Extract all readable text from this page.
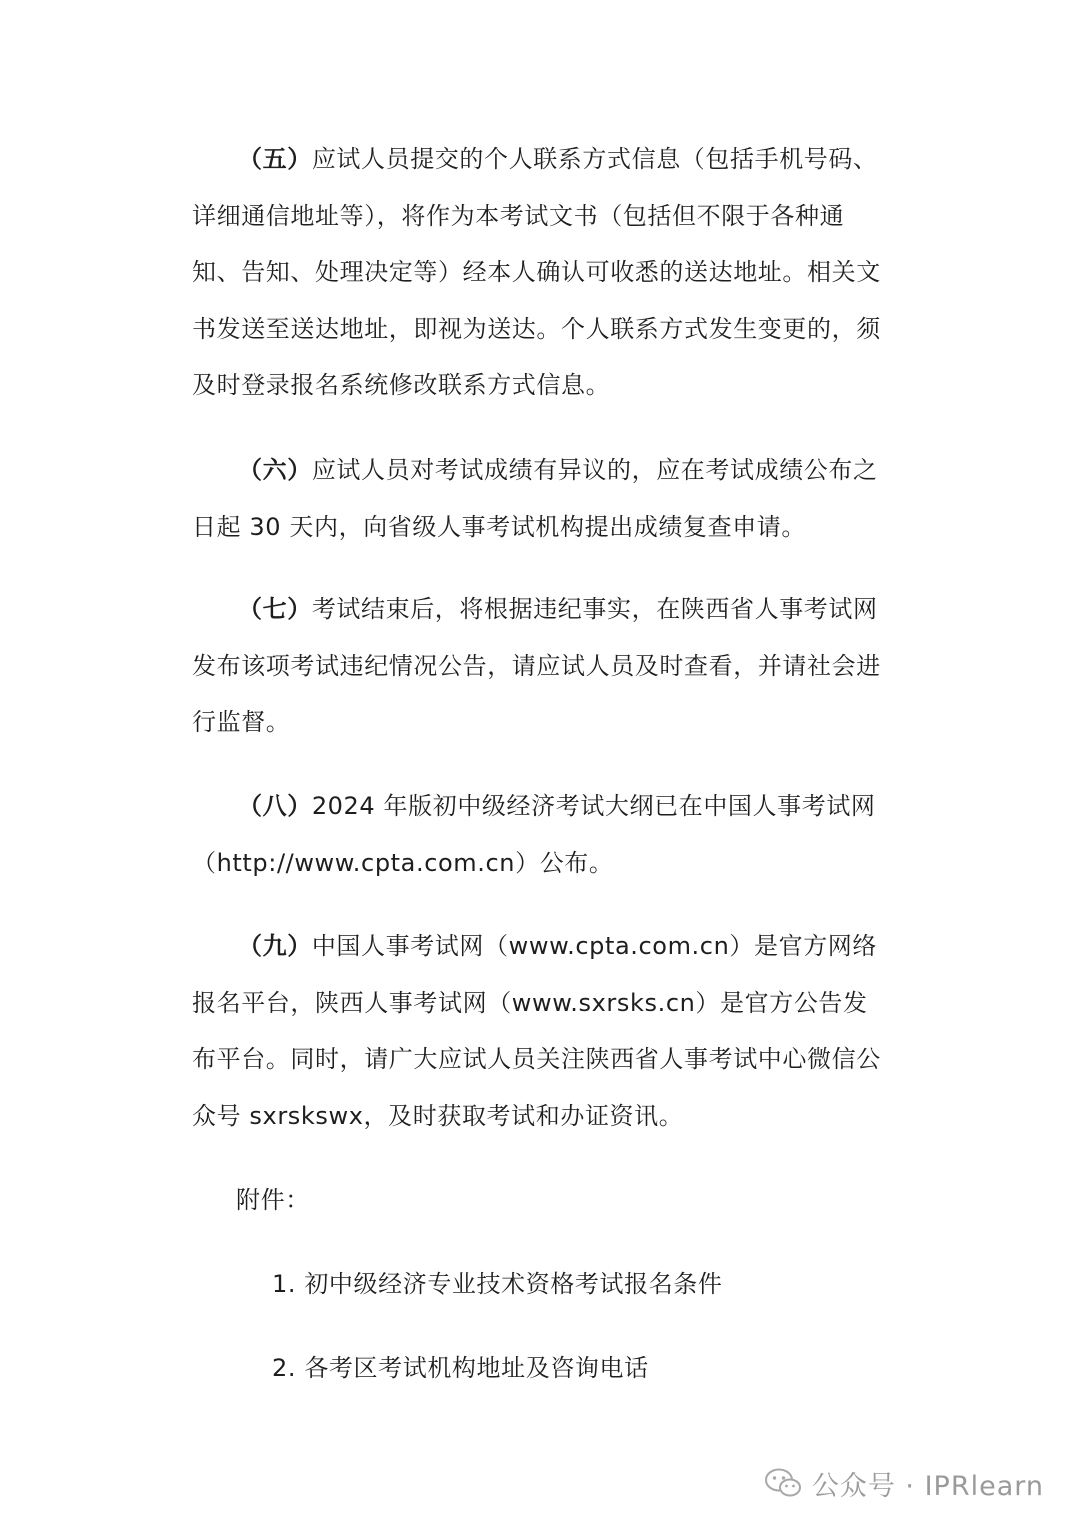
（五）应试人员提交的个人联系方式信息（包括手机号码、详细通信地址等），将作为本考试文书（包括但不限于各种通知、告知、处理决定等）经本人确认可收悉的送达地址。相关文书发送至送达地址，即视为送达。个人联系方式发生变更的，须及时登录报名系统修改联系方式信息。

（六）应试人员对考试成绩有异议的，应在考试成绩公布之日起 30 天内，向省级人事考试机构提出成绩复查申请。

（七）考试结束后，将根据违纪事实，在陕西省人事考试网发布该项考试违纪情况公告，请应试人员及时查看，并请社会进行监督。

（八）2024 年版初中级经济考试大纲已在中国人事考试网（http://www.cpta.com.cn）公布。

（九）中国人事考试网（www.cpta.com.cn）是官方网络报名平台，陕西人事考试网（www.sxrsks.cn）是官方公告发布平台。同时，请广大应试人员关注陕西省人事考试中心微信公众号 sxrskswx，及时获取考试和办证资讯。

附件：
1. 初中级经济专业技术资格考试报名条件
2. 各考区考试机构地址及咨询电话
公众号 · IPRlearn
